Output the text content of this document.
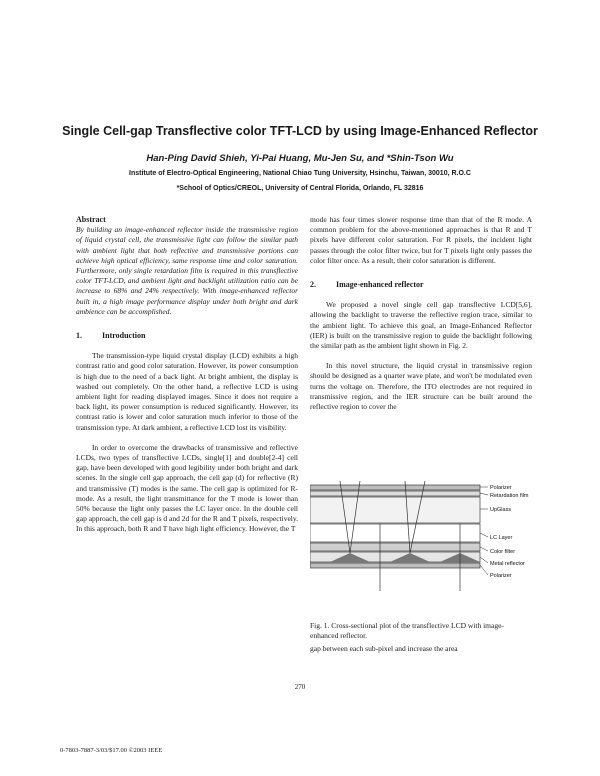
Single Cell-gap Transflective color TFT-LCD by using Image-Enhanced Reflector
Han-Ping David Shieh, Yi-Pai Huang, Mu-Jen Su, and *Shin-Tson Wu
Institute of Electro-Optical Engineering, National Chiao Tung University, Hsinchu, Taiwan, 30010, R.O.C
*School of Optics/CREOL, University of Central Florida, Orlando, FL 32816
Abstract

By building an image-enhanced reflector inside the transmissive region of liquid crystal cell, the transmissive light can follow the similar path with ambient light that both reflective and transmissive portions can achieve high optical efficiency, same response time and color saturation. Furthermore, only single retardation film is required in this transflective color TFT-LCD, and ambient light and backlight utilization ratio can be increase to 68% and 24% respectively. With image-enhanced reflector built in, a high image performance display under both bright and dark ambience can be accomplished.

1.	Introduction

The transmission-type liquid crystal display (LCD) exhibits a high contrast ratio and good color saturation. However, its power consumption is high due to the need of a back light. At bright ambient, the display is washed out completely. On the other hand, a reflective LCD is using ambient light for reading displayed images. Since it does not require a back light, its power consumption is reduced significantly. However, its contrast ratio is lower and color saturation much inferior to those of the transmission type. At dark ambient, a reflective LCD lost its visibility.

In order to overcome the drawbacks of transmissive and reflective LCDs, two types of transflective LCDs, single[1] and double[2-4] cell gap, have been developed with good legibility under both bright and dark scenes. In the single cell gap approach, the cell gap (d) for reflective (R) and transmissive (T) modes is the same. The cell gap is optimized for R-mode. As a result, the light transmittance for the T mode is lower than 50% because the light only passes the LC layer once. In the double cell gap approach, the cell gap is d and 2d for the R and T pixels, respectively. In this approach, both R and T have high light efficiency. However, the T

mode has four times slower response time than that of the R mode. A common problem for the above-mentioned approaches is that R and T pixels have different color saturation. For R pixels, the incident light passes through the color filter twice, but for T pixels light only passes the color filter once. As a result, their color saturation is different.

2.	Image-enhanced reflector

We proposed a novel single cell gap transflective LCD[5,6], allowing the backlight to traverse the reflective region trace, similar to the ambient light. To achieve this goal, an Image-Enhanced Reflector (IER) is built on the transmissive region to guide the backlight following the similar path as the ambient light shown in Fig. 2.

In this novel structure, the liquid crystal in transmissive region should be designed as a quarter wave plate, and won't be modulated even turns the voltage on. Therefore, the ITO electrodes are not required in transmissive region, and the IER structure can be built around the reflective region to cover the

Polarizer
Retardation film
UpGlass
LC Layer
Color filter
Metal reflector
Polarizer
Fig. 1. Cross-sectional plot of the transflective LCD with image-enhanced reflector.
gap between each sub-pixel and increase the area
270
0-7803-7887-3/03/$17.00 ©2003 IEEE
